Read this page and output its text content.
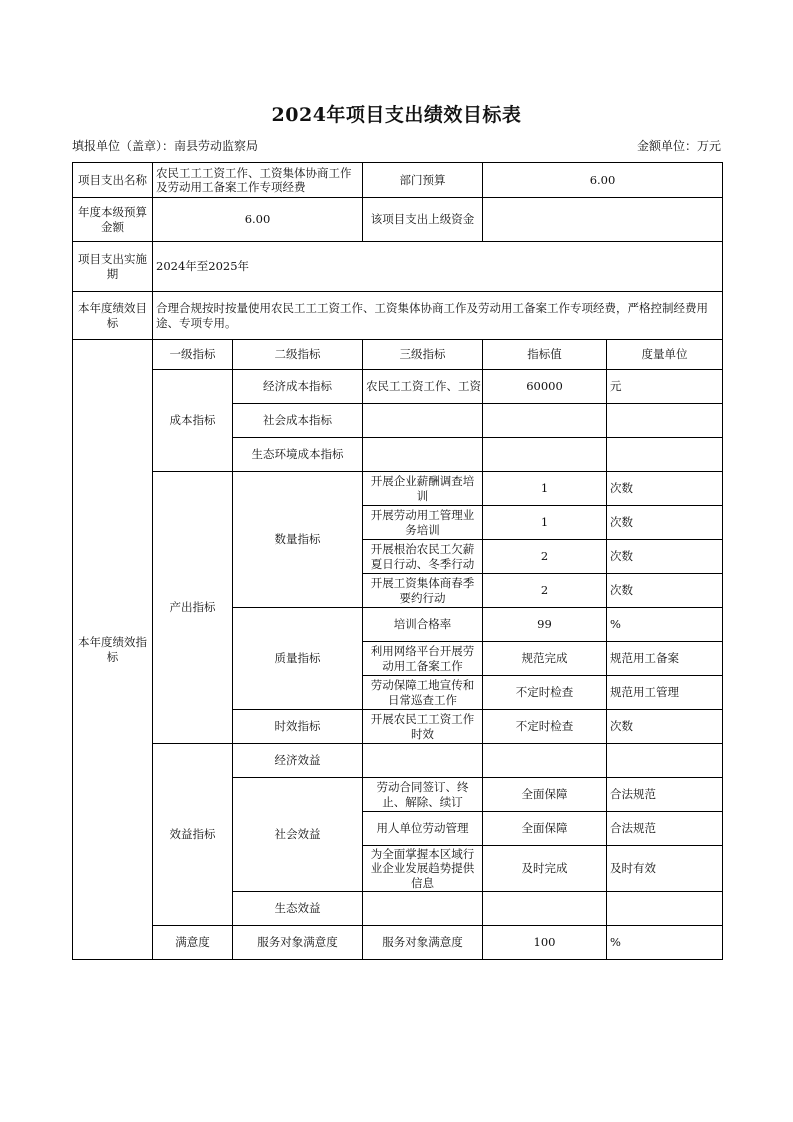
2024年项目支出绩效目标表
填报单位（盖章）：南县劳动监察局	金额单位：万元
项目支出名称	农民工工工资工作、工资集体协商工作及劳动用工备案工作专项经费		部门预算	6.00	
年度本级预算金额	6.00		该项目支出上级资金		
项目支出实施期	2024年至2025年				
本年度绩效目标	合理合规按时按量使用农民工工工资工作、工资集体协商工作及劳动用工备案工作专项经费，严格控制经费用途、专项专用。				
本年度绩效指标	一级指标	二级指标	三级指标	指标值	度量单位
	成本指标	经济成本指标	农民工工资工作、工资	60000	元
		社会成本指标			
		生态环境成本指标			
	产出指标	数量指标	开展企业薪酬调查培训	1	次数
			开展劳动用工管理业务培训	1	次数
			开展根治农民工欠薪夏日行动、冬季行动	2	次数
			开展工资集体商春季要约行动	2	次数
		质量指标	培训合格率	99	%
			利用网络平台开展劳动用工备案工作	规范完成	规范用工备案
			劳动保障工地宣传和日常巡查工作	不定时检查	规范用工管理
		时效指标	开展农民工工资工作时效	不定时检查	次数
	效益指标	经济效益			
		社会效益	劳动合同签订、终止、解除、续订	全面保障	合法规范
			用人单位劳动管理	全面保障	合法规范
			为全面掌握本区域行业企业发展趋势提供信息	及时完成	及时有效
		生态效益			
	满意度	服务对象满意度	服务对象满意度	100	%
